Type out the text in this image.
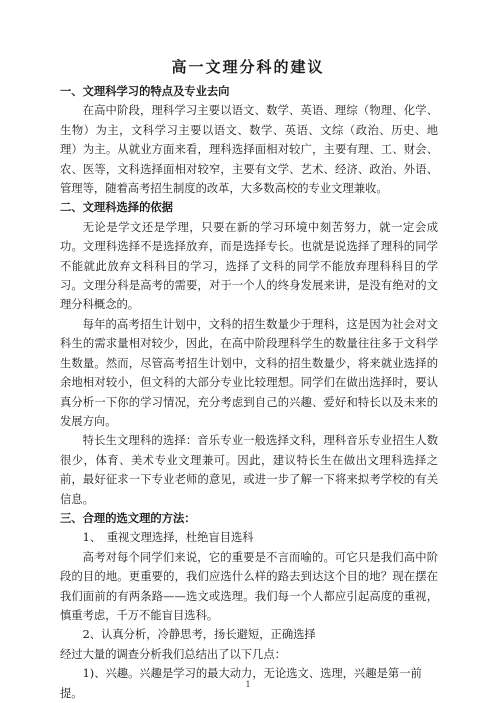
高一文理分科的建议
一、文理科学习的特点及专业去向

在高中阶段，理科学习主要以语文、数学、英语、理综（物理、化学、生物）为主，文科学习主要以语文、数学、英语、文综（政治、历史、地理）为主。从就业方面来看，理科选择面相对较广，主要有理、工、财会、农、医等，文科选择面相对较窄，主要有文学、艺术、经济、政治、外语、管理等，随着高考招生制度的改革，大多数高校的专业文理兼收。

二、文理科选择的依据

无论是学文还是学理，只要在新的学习环境中刻苦努力，就一定会成功。文理科选择不是选择放弃，而是选择专长。也就是说选择了理科的同学不能就此放弃文科科目的学习，选择了文科的同学不能放弃理科科目的学习。文理分科是高考的需要，对于一个人的终身发展来讲，是没有绝对的文理分科概念的。

每年的高考招生计划中，文科的招生数量少于理科，这是因为社会对文科生的需求量相对较少，因此，在高中阶段理科学生的数量往往多于文科学生数量。然而，尽管高考招生计划中，文科的招生数量少，将来就业选择的余地相对较小，但文科的大部分专业比较理想。同学们在做出选择时，要认真分析一下你的学习情况，充分考虑到自己的兴趣、爱好和特长以及未来的发展方向。

特长生文理科的选择：音乐专业一般选择文科，理科音乐专业招生人数很少，体育、美术专业文理兼可。因此，建议特长生在做出文理科选择之前，最好征求一下专业老师的意见，或进一步了解一下将来拟考学校的有关信息。

三、合理的选文理的方法：

1、　重视文理选择，杜绝盲目选科

高考对每个同学们来说，它的重要是不言而喻的。可它只是我们高中阶段的目的地。更重要的，我们应选什么样的路去到达这个目的地？现在摆在我们面前的有两条路——选文或选理。我们每一个人都应引起高度的重视，慎重考虑，千万不能盲目选科。

2、认真分析，冷静思考，扬长避短，正确选择

经过大量的调查分析我们总结出了以下几点：

1)、兴趣。兴趣是学习的最大动力，无论选文、选理，兴趣是第一前提。

1
